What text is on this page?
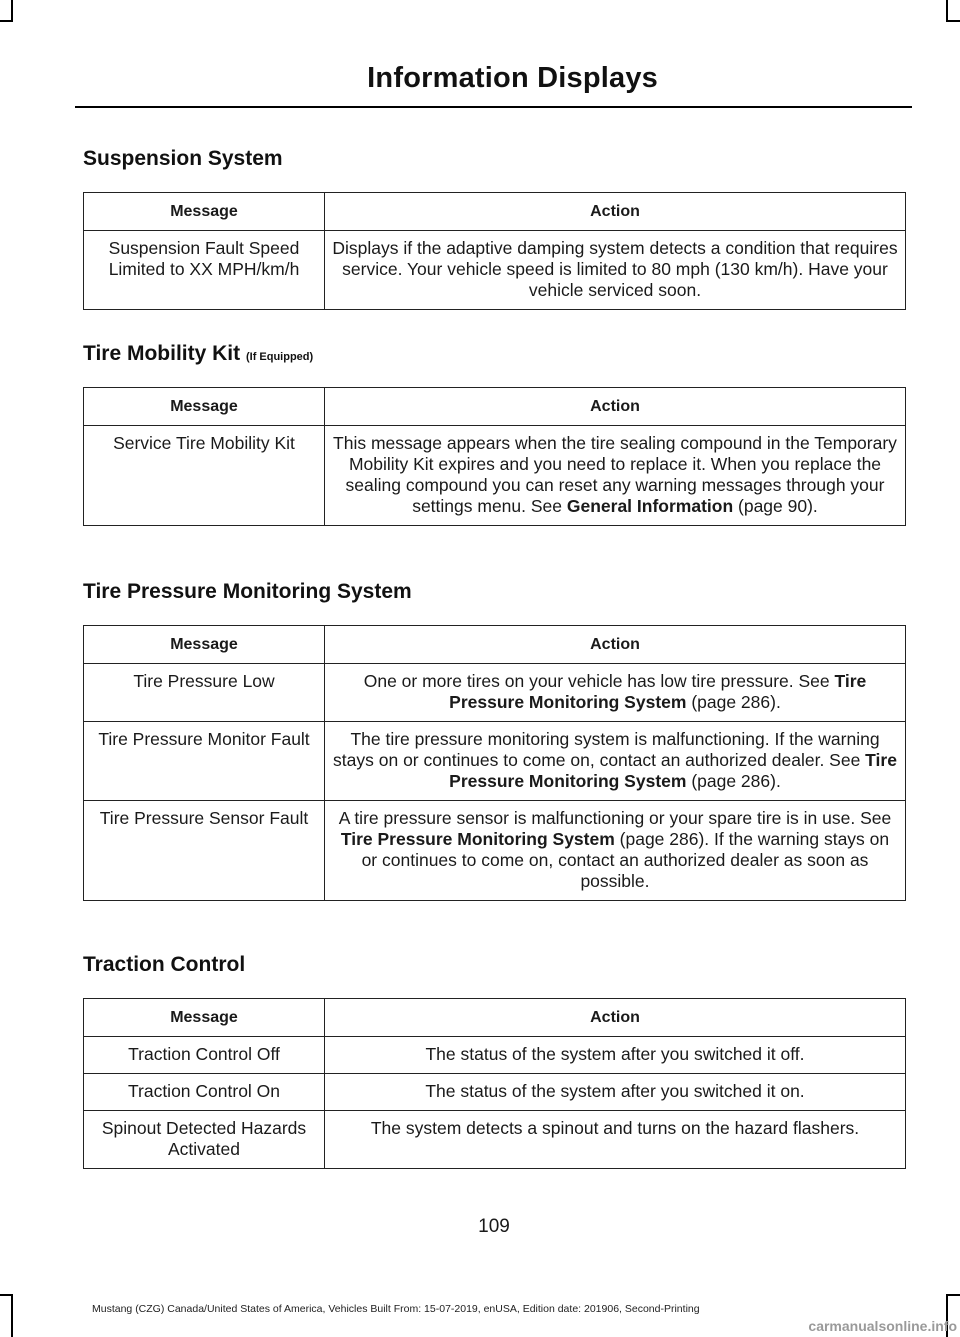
Information Displays
Suspension System
Message	Action
Suspension Fault Speed Limited to XX MPH/km/h	Displays if the adaptive damping system detects a condition that requires service. Your vehicle speed is limited to 80 mph (130 km/h). Have your vehicle serviced soon.
Tire Mobility Kit (If Equipped)
Message	Action
Service Tire Mobility Kit	This message appears when the tire sealing compound in the Temporary Mobility Kit expires and you need to replace it. When you replace the sealing compound you can reset any warning messages through your settings menu. See General Information (page 90).
Tire Pressure Monitoring System
Message	Action
Tire Pressure Low	One or more tires on your vehicle has low tire pressure. See Tire Pressure Monitoring System (page 286).
Tire Pressure Monitor Fault	The tire pressure monitoring system is malfunctioning. If the warning stays on or continues to come on, contact an authorized dealer. See Tire Pressure Monitoring System (page 286).
Tire Pressure Sensor Fault	A tire pressure sensor is malfunctioning or your spare tire is in use. See Tire Pressure Monitoring System (page 286). If the warning stays on or continues to come on, contact an authorized dealer as soon as possible.
Traction Control
Message	Action
Traction Control Off	The status of the system after you switched it off.
Traction Control On	The status of the system after you switched it on.
Spinout Detected Hazards Activated	The system detects a spinout and turns on the hazard flashers.
109
Mustang (CZG) Canada/United States of America, Vehicles Built From: 15-07-2019, enUSA, Edition date: 201906, Second-Printing
carmanualsonline.info
